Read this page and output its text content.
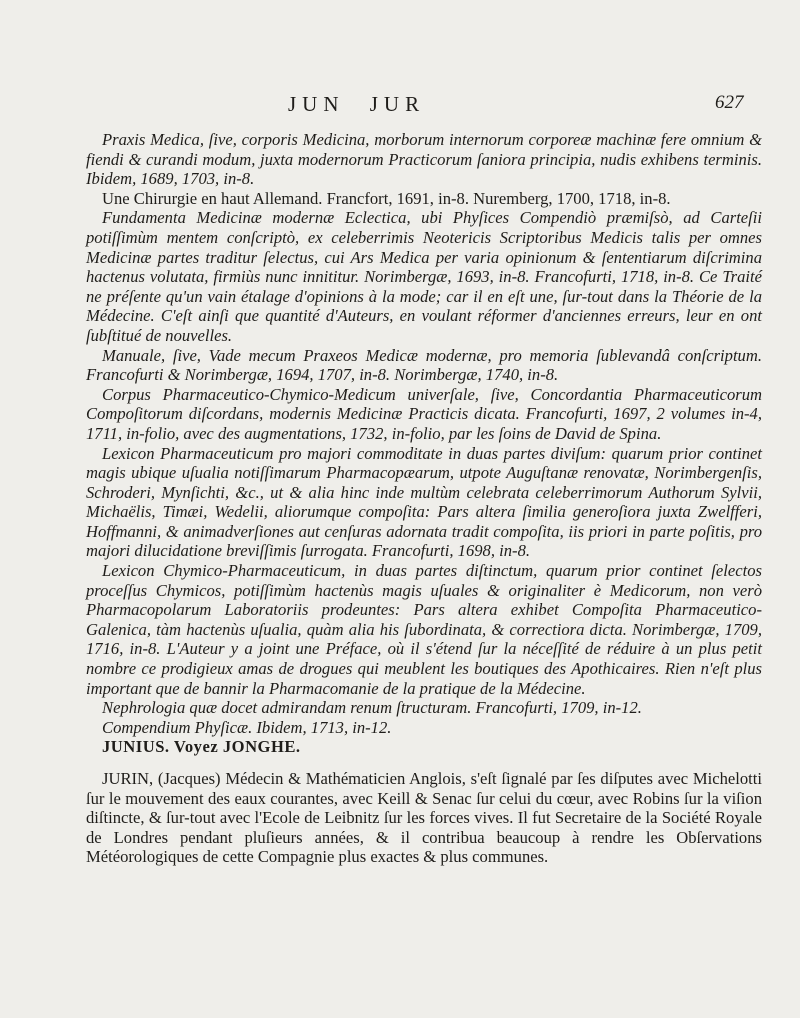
JUN JUR	627

Praxis Medica, ſive, corporis Medicina, morborum internorum corporeæ machinæ fere omnium & fiendi & curandi modum, juxta modernorum Practicorum ſaniora principia, nudis exhibens terminis. Ibidem, 1689, 1703, in-8.

Une Chirurgie en haut Allemand. Francfort, 1691, in-8. Nuremberg, 1700, 1718, in-8.

Fundamenta Medicinæ modernæ Eclectica, ubi Phyſices Compendiò præmiſsò, ad Carteſii potiſſimùm mentem conſcriptò, ex celeberrimis Neotericis Scriptoribus Medicis talis per omnes Medicinæ partes traditur ſelectus, cui Ars Medica per varia opinionum & ſententiarum diſcrimina hactenus volutata, firmiùs nunc innititur. Norimbergæ, 1693, in-8. Francofurti, 1718, in-8. Ce Traité ne préſente qu'un vain étalage d'opinions à la mode; car il en eſt une, ſur-tout dans la Théorie de la Médecine. C'eſt ainſi que quantité d'Auteurs, en voulant réformer d'anciennes erreurs, leur en ont ſubſtitué de nouvelles.

Manuale, ſive, Vade mecum Praxeos Medicæ modernæ, pro memoria ſublevandâ conſcriptum. Francofurti & Norimbergæ, 1694, 1707, in-8. Norimbergæ, 1740, in-8.

Corpus Pharmaceutico-Chymico-Medicum univerſale, ſive, Concordantia Pharmaceuticorum Compoſitorum diſcordans, modernis Medicinæ Practicis dicata. Francofurti, 1697, 2 volumes in-4, 1711, in-folio, avec des augmentations, 1732, in-folio, par les ſoins de David de Spina.

Lexicon Pharmaceuticum pro majori commoditate in duas partes diviſum: quarum prior continet magis ubique uſualia notiſſimarum Pharmacopæarum, utpote Auguſtanæ renovatæ, Norimbergenſis, Schroderi, Mynſichti, &c., ut & alia hinc inde multùm celebrata celeberrimorum Authorum Sylvii, Michaëlis, Timæi, Wedelii, aliorumque compoſita: Pars altera ſimilia generoſiora juxta Zwelfferi, Hoffmanni, & animadverſiones aut cenſuras adornata tradit compoſita, iis priori in parte poſitis, pro majori dilucidatione breviſſimis ſurrogata. Francofurti, 1698, in-8.

Lexicon Chymico-Pharmaceuticum, in duas partes diſtinctum, quarum prior continet ſelectos proceſſus Chymicos, potiſſimùm hactenùs magis uſuales & originaliter è Medicorum, non verò Pharmacopolarum Laboratoriis prodeuntes: Pars altera exhibet Compoſita Pharmaceutico-Galenica, tàm hactenùs uſualia, quàm alia his ſubordinata, & correctiora dicta. Norimbergæ, 1709, 1716, in-8. L'Auteur y a joint une Préface, où il s'étend ſur la néceſſité de réduire à un plus petit nombre ce prodigieux amas de drogues qui meublent les boutiques des Apothicaires. Rien n'eſt plus important que de bannir la Pharmacomanie de la pratique de la Médecine.

Nephrologia quæ docet admirandam renum ſtructuram. Francofurti, 1709, in-12.

Compendium Phyſicæ. Ibidem, 1713, in-12.

JUNIUS. Voyez JONGHE.

JURIN, (Jacques) Médecin & Mathématicien Anglois, s'eſt ſignalé par ſes diſputes avec Michelotti ſur le mouvement des eaux courantes, avec Keill & Senac ſur celui du cœur, avec Robins ſur la viſion diſtincte, & ſur-tout avec l'Ecole de Leibnitz ſur les forces vives. Il fut Secretaire de la Société Royale de Londres pendant pluſieurs années, & il contribua beaucoup à rendre les Obſervations Météorologiques de cette Compagnie plus exactes & plus communes.
